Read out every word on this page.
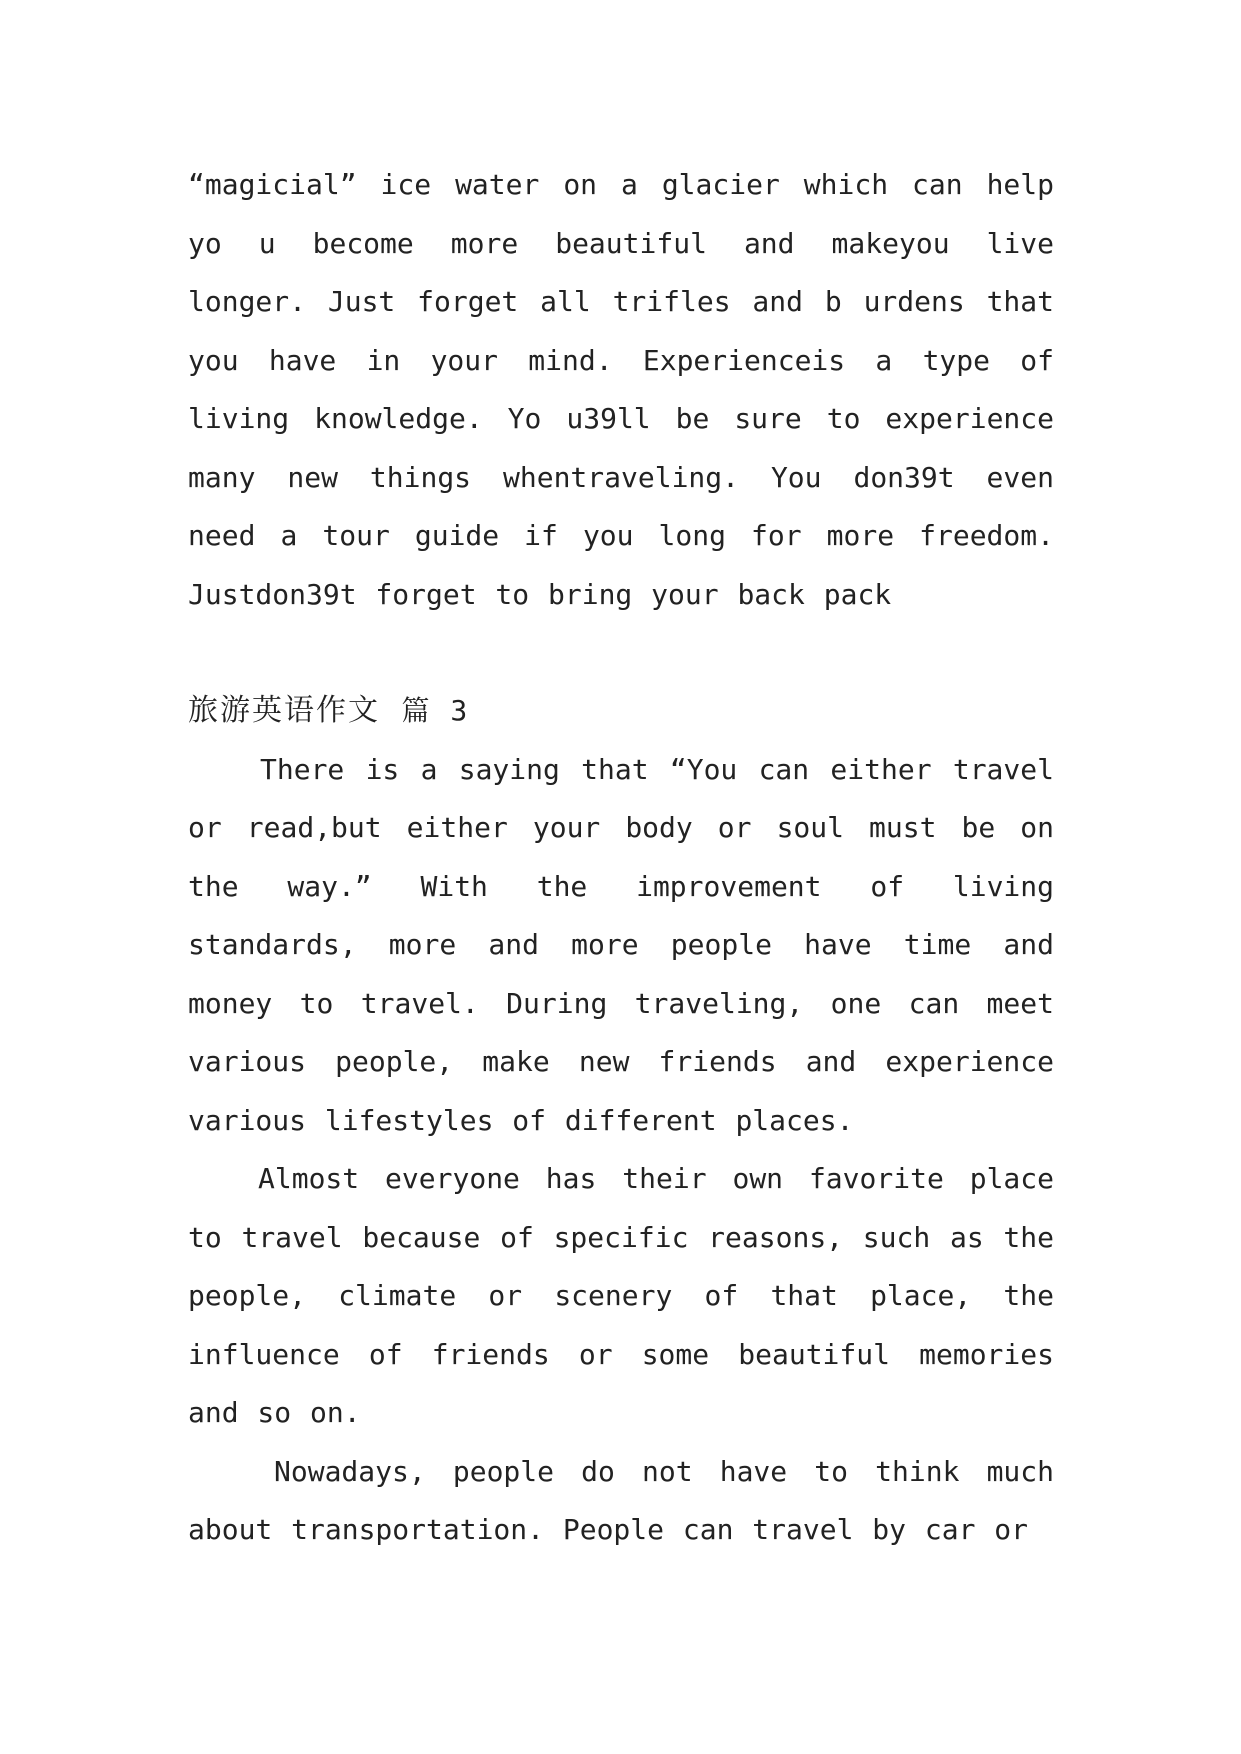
“magicial” ice water on a glacier which can help yo u become more beautiful and makeyou live longer. Just forget all trifles and b urdens that you have in your mind. Experienceis a type of living knowledge. Yo u39ll be sure to experience many new things whentraveling. You don39t even need a tour guide if you long for more freedom. Justdon39t forget to bring your back pack

旅游英语作文 篇 3

There is a saying that “You can either travel or read,but either your body or soul must be on the way.” With the improvement of living standards, more and more people have time and money to travel. During traveling, one can meet various people, make new friends and experience various lifestyles of different places.

Almost everyone has their own favorite place to travel because of specific reasons, such as the people, climate or scenery of that place, the influence of friends or some beautiful memories and so on.

Nowadays, people do not have to think much about transportation. People can travel by car or
